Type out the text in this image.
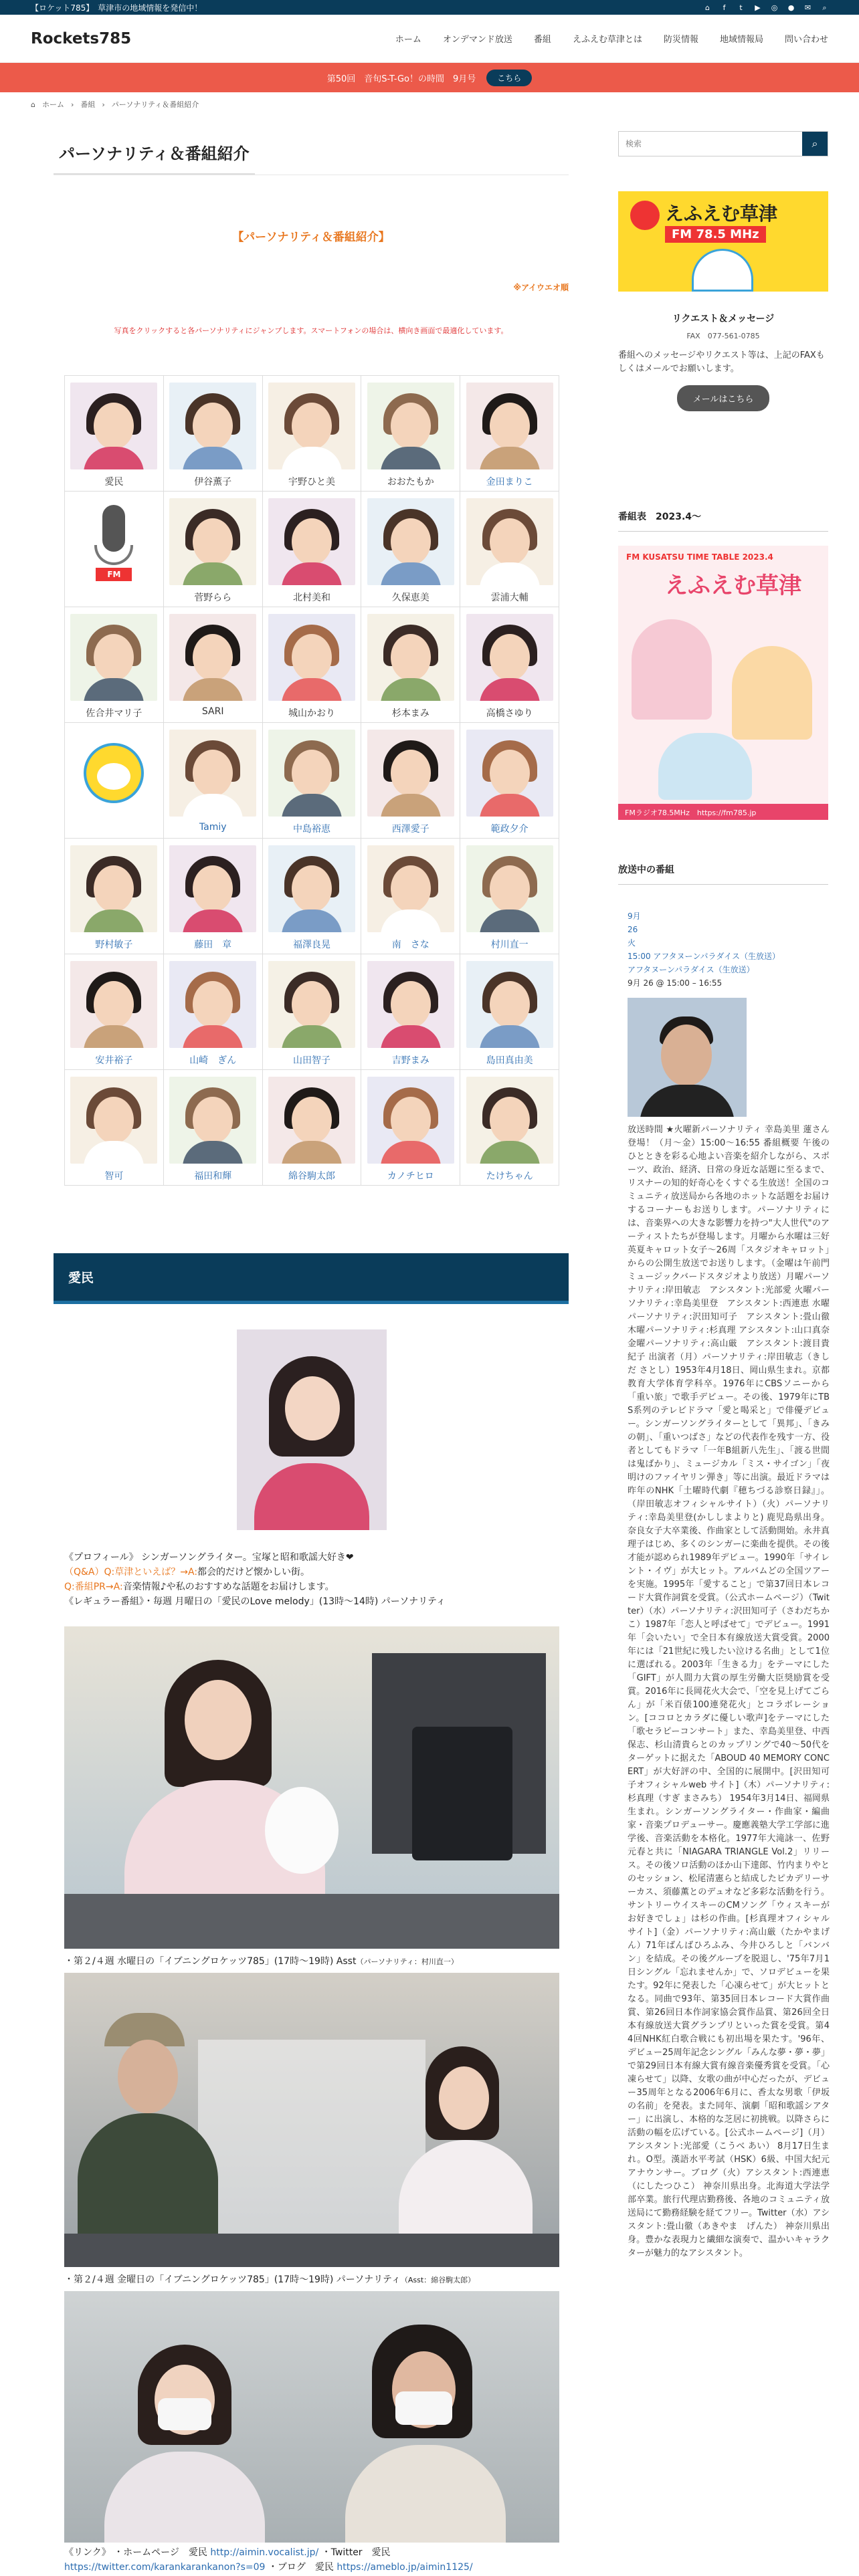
【ロケット785】　草津市の地域情報を発信中！	⌂	f	t	▶ ◎ ● ✉ ⌕
Rockets785	ホーム オンデマンド放送 番組 えふえむ草津とは 防災情報 地域情報局 問い合わせ
第50回　音旬S-T-Go！の時間　9月号	こちら
⌂ ホーム › 番組 › パーソナリティ＆番組紹介
パーソナリティ＆番組紹介
【パーソナリティ＆番組紹介】
※アイウエオ順
写真をクリックすると各パーソナリティにジャンプします。スマートフォンの場合は、横向き画面で最適化しています。
愛民	伊谷薫子	宇野ひと美	おおたもか	金田まりこ

FM	菅野らら	北村美和	久保恵美	雲浦大輔

佐合井マリ子	SARI	城山かおり	杉本まみ	高橋さゆり

	Tamiy	中島裕恵	西澤愛子	範政夕介

野村敏子	藤田　章	福澤良晃	南　さな	村川直一

安井裕子	山崎　ぎん	山田智子	吉野まみ	島田真由美

智可	福田和輝	綿谷駒太郎	カノチヒロ	たけちゃん
愛民
《プロフィール》 シンガーソングライター。宝塚と昭和歌謡大好き❤
（Q&A）Q:草津といえば？→A:都会的だけど懐かしい街。
Q:番組PR→A:音楽情報♪や私のおすすめな話題をお届けします。
《レギュラー番組》・毎週 月曜日の「愛民のLove melody」(13時〜14時) パーソナリティ
・第２/４週 水曜日の「イブニングロケッツ785」(17時〜19時) Asst（パーソナリティ：村川直一）
・第２/４週 金曜日の「イブニングロケッツ785」(17時〜19時) パーソナリティ（Asst：綿谷駒太郎）
《リンク》 ・ホームページ　愛民 http://aimin.vocalist.jp/ ・Twitter　愛民
https://twitter.com/karankarankanon?s=09 ・ブログ　愛民 https://ameblo.jp/aimin1125/
検索
⌕
えふえむ草津
FM 78.5 MHz
リクエスト＆メッセージ
FAX　077-561-0785
番組へのメッセージやリクエスト等は、上記のFAXもしくはメールでお願いします。
メールはこちら
番組表　2023.4〜
FM KUSATSU TIME TABLE 2023.4
えふえむ草津
FMラジオ78.5MHz　https://fm785.jp
放送中の番組
9月
26
火
15:00 アフタヌーンパラダイス（生放送）
アフタヌーンパラダイス（生放送）
9月 26 @ 15:00 – 16:55
放送時間 ★火曜新パーソナリティ 幸島美里 蓮さん登場！（月〜金）15:00〜16:55 番組概要 午後のひとときを彩る心地よい音楽を紹介しながら、スポーツ、政治、経済、日常の身近な話題に至るまで、リスナーの知的好奇心をくすぐる生放送！全国のコミュニティ放送局から各地のホットな話題をお届けするコーナーもお送りします。パーソナリティには、音楽界への大きな影響力を持つ"大人世代"のアーティストたちが登場します。月曜から水曜は三好英夏キャロット女子〜26周「スタジオキャロット」からの公開生放送でお送りします。（金曜は午前門ミュージックバードスタジオより放送）月曜パーソナリティ:岸田敏志　アシスタント:光部愛 火曜パーソナリティ:幸島美里登　アシスタント:西連恵 水曜パーソナリティ:沢田知可子　アシスタント:畳山徹 木曜パーソナリティ:杉真理 アシスタント:山口真奈 金曜パーソナリティ:高山厳　アシスタント:渡目貴紀子 出演者（月）パーソナリティ:岸田敏志（きしだ さとし）1953年4月18日、岡山県生まれ。京都教育大学体育学科卒。1976年にCBSソニーから「重い旅」で歌手デビュー。その後、1979年にTBS系列のテレビドラマ「愛と喝采と」で俳優デビュー。シンガーソングライターとして「異邦」、「きみの朝」、「重いつばさ」などの代表作を残す一方、役者としてもドラマ「一年B組新八先生」、「渡る世間は鬼ばかり」、ミュージカル「ミス・サイゴン」「夜明けのファイヤリン弾き」等に出演。最近ドラマは昨年のNHK「土曜時代劇『穂ちづる診察日録』」。（岸田敏志オフィシャルサイト）（火）パーソナリティ:幸島美里登(かししまよりと) 鹿児島県出身。奈良女子大卒業後、作曲家として活動開始。永井真理子はじめ、多くのシンガーに楽曲を提供。その後才能が認められ1989年デビュー。1990年「サイレント・イヴ」が大ヒット。アルバムどの全国ツアーを実施。1995年「愛すること」で第37回日本レコード大賞作詞賞を受賞。（公式ホームページ）（Twitter）（水）パーソナリティ:沢田知可子（さわだちかこ）1987年「恋人と呼ばせて」でデビュー。1991年「会いたい」で全日本有線放送大賞受賞。2000年には「21世紀に残したい泣ける名曲」として1位に選ばれる。2003年「生きる力」をテーマにした「GIFT」が人間力大賞の厚生労働大臣奨励賞を受賞。2016年に長岡花火大会で、「空を見上げてごらん」が「米百俵100連発花火」とコラボレーション。[ココロとカラダに優しい歌声]をテーマにした「歌セラピーコンサート」また、幸島美里登、中西保志、杉山清貴らとのカップリングで40〜50代をターゲットに据えた「ABOUD 40 MEMORY CONCERT」が大好評の中、全国的に展開中。[沢田知可子オフィシャルweb サイト]（木）パーソナリティ:杉真理（すぎ まさみち） 1954年3月14日、福岡県生まれ。シンガーソングライター・作曲家・編曲家・音楽プロデューサー。慶應義塾大学工学部に進学後、音楽活動を本格化。1977年大滝詠一、佐野元春と共に「NIAGARA TRIANGLE Vol.2」リリース。その後ソロ活動のほか山下達郎、竹内まりやとのセッション、松尾清憲らと結成したピカデリーサーカス、須藤薫とのデュオなど多彩な活動を行う。サントリーウイスキーのCMソング「ウィスキーがお好きでしょ」は杉の作曲。[杉真理オフィシャルサイト]（金）パーソナリティ:高山厳（たかやまげん）71年ばんばひろふみ、今井ひろしと「バンバン」を結成。その後グループを脱退し、'75年7月1日シングル「忘れませんか」で、ソロデビューを果たす。92年に発表した「心凍らせて」が大ヒットとなる。同曲で93年、第35回日本レコード大賞作曲賞、第26回日本作詞家協会賞作品賞、第26回全日本有線放送大賞グランプリといった賞を受賞。第44回NHK紅白歌合戦にも初出場を果たす。'96年、デビュー25周年記念シングル「みんな夢・夢・夢」で第29回日本有線大賞有線音楽優秀賞を受賞。「心凍らせて」以降、女歌の曲が中心だったが、デビュー35周年となる2006年6月に、香太な男歌「伊坂の名前」を発表。また同年、演劇「昭和歌謡シアター」に出演し、本格的な芝居に初挑戦。以降さらに活動の幅を広げている。[公式ホームページ]（月）アシスタント:光部愛（こうべ あい） 8月17日生まれ。O型。漢語水平考試（HSK）6級、中国大紀元アナウンサー。ブログ（火）アシスタント:西連恵（にしたつひこ） 神奈川県出身。北海道大学法学部卒業。旅行代理店勤務後、各地のコミュニティ放送局にて勤務経験を経てフリー。Twitter（水）アシスタント:畳山徹（あきやま　げんた） 神奈川県出身。豊かな表現力と繊細な演奏で、温かいキャラクターが魅力的なアシスタント。
